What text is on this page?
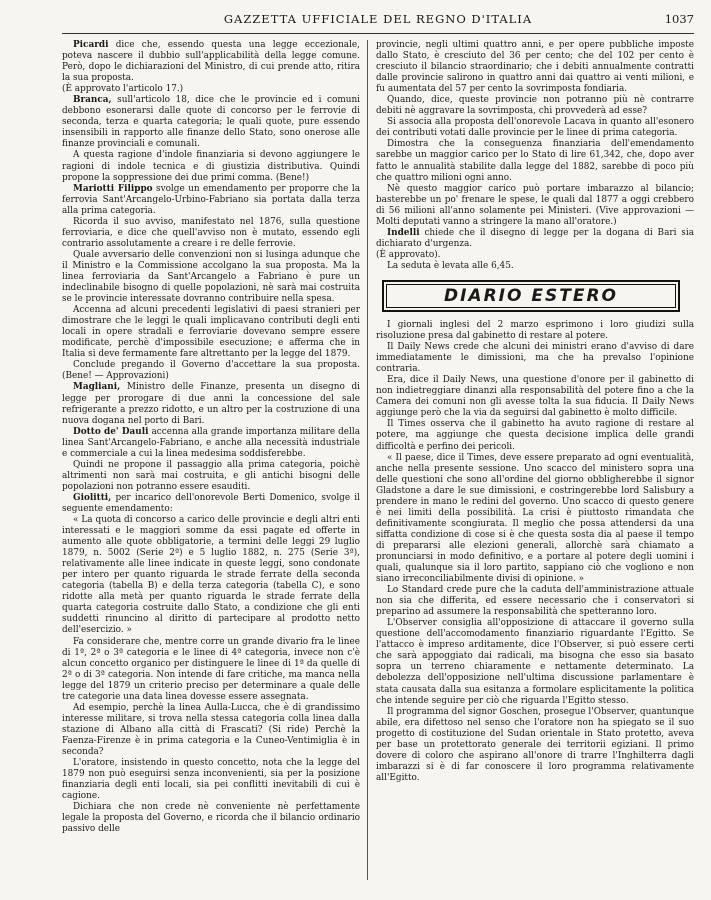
GAZZETTA UFFICIALE DEL REGNO D'ITALIA	1037

Picardi dice che, essendo questa una legge eccezionale, poteva nascere il dubbio sull'applicabilità della legge comune. Però, dopo le dichiarazioni del Ministro, di cui prende atto, ritira la sua proposta.

(È approvato l'articolo 17.)

Branca, sull'articolo 18, dice che le provincie ed i comuni debbono esonerarsi dalle quote di concorso per le ferrovie di seconda, terza e quarta categoria; le quali quote, pure essendo insensibili in rapporto alle finanze dello Stato, sono onerose alle finanze provinciali e comunali.

A questa ragione d'indole finanziaria si devono aggiungere le ragioni di indole tecnica e di giustizia distributiva. Quindi propone la soppressione dei due primi comma. (Bene!)

Mariotti Filippo svolge un emendamento per proporre che la ferrovia Sant'Arcangelo-Urbino-Fabriano sia portata dalla terza alla prima categoria.

Ricorda il suo avviso, manifestato nel 1876, sulla questione ferroviaria, e dice che quell'avviso non è mutato, essendo egli contrario assolutamente a creare i re delle ferrovie.

Quale avversario delle convenzioni non si lusinga adunque che il Ministro e la Commissione accolgano la sua proposta. Ma la linea ferroviaria da Sant'Arcangelo a Fabriano è pure un indeclinabile bisogno di quelle popolazioni, nè sarà mai costruita se le provincie interessate dovranno contribuire nella spesa.

Accenna ad alcuni precedenti legislativi di paesi stranieri per dimostrare che le leggi le quali implicavano contributi degli enti locali in opere stradali e ferroviarie dovevano sempre essere modificate, perchè d'impossibile esecuzione; e afferma che in Italia si deve fermamente fare altrettanto per la legge del 1879.

Conclude pregando il Governo d'accettare la sua proposta. (Bene! — Approvazioni)

Magliani, Ministro delle Finanze, presenta un disegno di legge per prorogare di due anni la concessione del sale refrigerante a prezzo ridotto, e un altro per la costruzione di una nuova dogana nel porto di Bari.

Dotto de' Dauli accenna alla grande importanza militare della linea Sant'Arcangelo-Fabriano, e anche alla necessità industriale e commerciale a cui la linea medesima soddisferebbe.

Quindi ne propone il passaggio alla prima categoria, poichè altrimenti non sarà mai costruita, e gli antichi bisogni delle popolazioni non potranno essere esauditi.

Giolitti, per incarico dell'onorevole Berti Domenico, svolge il seguente emendamento:

« La quota di concorso a carico delle provincie e degli altri enti interessati e le maggiori somme da essi pagate ed offerte in aumento alle quote obbligatorie, a termini delle leggi 29 luglio 1879, n. 5002 (Serie 2ª) e 5 luglio 1882, n. 275 (Serie 3ª), relativamente alle linee indicate in queste leggi, sono condonate per intero per quanto riguarda le strade ferrate della seconda categoria (tabella B) e della terza categoria (tabella C), e sono ridotte alla metà per quanto riguarda le strade ferrate della quarta categoria costruite dallo Stato, a condizione che gli enti suddetti rinuncino al diritto di partecipare al prodotto netto dell'esercizio. »

Fa considerare che, mentre corre un grande divario fra le linee di 1ª, 2ª o 3ª categoria e le linee di 4ª categoria, invece non c'è alcun concetto organico per distinguere le linee di 1ª da quelle di 2ª o di 3ª categoria. Non intende di fare critiche, ma manca nella legge del 1879 un criterio preciso per determinare a quale delle tre categorie una data linea dovesse essere assegnata.

Ad esempio, perchè la linea Aulla-Lucca, che è di grandissimo interesse militare, si trova nella stessa categoria colla linea dalla stazione di Albano alla città di Frascati? (Si ride) Perchè la Faenza-Firenze è in prima categoria e la Cuneo-Ventimiglia è in seconda?

L'oratore, insistendo in questo concetto, nota che la legge del 1879 non può eseguirsi senza inconvenienti, sia per la posizione finanziaria degli enti locali, sia pei conflitti inevitabili di cui è cagione.

Dichiara che non crede nè conveniente nè perfettamente legale la proposta del Governo, e ricorda che il bilancio ordinario passivo delle

provincie, negli ultimi quattro anni, e per opere pubbliche imposte dallo Stato, è cresciuto del 36 per cento; che del 102 per cento è cresciuto il bilancio straordinario; che i debiti annualmente contratti dalle provincie salirono in quattro anni dai quattro ai venti milioni, e fu aumentata del 57 per cento la sovrimposta fondiaria.

Quando, dice, queste provincie non potranno più nè contrarre debiti nè aggravare la sovrimposta, chi provvederà ad esse?

Si associa alla proposta dell'onorevole Lacava in quanto all'esonero dei contributi votati dalle provincie per le linee di prima categoria.

Dimostra che la conseguenza finanziaria dell'emendamento sarebbe un maggior carico per lo Stato di lire 61,342, che, dopo aver fatto le annualità stabilite dalla legge del 1882, sarebbe di poco più che quattro milioni ogni anno.

Nè questo maggior carico può portare imbarazzo al bilancio; basterebbe un po' frenare le spese, le quali dal 1877 a oggi crebbero di 56 milioni all'anno solamente pei Ministeri. (Vive approvazioni — Molti deputati vanno a stringere la mano all'oratore.)

Indelli chiede che il disegno di legge per la dogana di Bari sia dichiarato d'urgenza.

(È approvato).

La seduta è levata alle 6,45.

DIARIO ESTERO

I giornali inglesi del 2 marzo esprimono i loro giudizi sulla risoluzione presa dal gabinetto di restare al potere.

Il Daily News crede che alcuni dei ministri erano d'avviso di dare immediatamente le dimissioni, ma che ha prevalso l'opinione contraria.

Era, dice il Daily News, una questione d'onore per il gabinetto di non indietreggiare dinanzi alla responsabilità del potere fino a che la Camera dei comuni non gli avesse tolta la sua fiducia. Il Daily News aggiunge però che la via da seguirsi dal gabinetto è molto difficile.

Il Times osserva che il gabinetto ha avuto ragione di restare al potere, ma aggiunge che questa decisione implica delle grandi difficoltà e perfino dei pericoli.

« Il paese, dice il Times, deve essere preparato ad ogni eventualità, anche nella presente sessione. Uno scacco del ministero sopra una delle questioni che sono all'ordine del giorno obbligherebbe il signor Gladstone a dare le sue dimissioni, e costringerebbe lord Salisbury a prendere in mano le redini del governo. Uno scacco di questo genere è nei limiti della possibilità. La crisi è piuttosto rimandata che definitivamente scongiurata. Il meglio che possa attendersi da una siffatta condizione di cose si è che questa sosta dia al paese il tempo di prepararsi alle elezioni generali, allorchè sarà chiamato a pronunciarsi in modo definitivo, e a portare al potere degli uomini i quali, qualunque sia il loro partito, sappiano ciò che vogliono e non siano irreconciliabilmente divisi di opinione. »

Lo Standard crede pure che la caduta dell'amministrazione attuale non sia che differita, ed essere necessario che i conservatori si preparino ad assumere la responsabilità che spetteranno loro.

L'Observer consiglia all'opposizione di attaccare il governo sulla questione dell'accomodamento finanziario riguardante l'Egitto. Se l'attacco è impreso arditamente, dice l'Observer, si può essere certi che sarà appoggiato dai radicali, ma bisogna che esso sia basato sopra un terreno chiaramente e nettamente determinato. La debolezza dell'opposizione nell'ultima discussione parlamentare è stata causata dalla sua esitanza a formolare esplicitamente la politica che intende seguire per ciò che riguarda l'Egitto stesso.

Il programma del signor Goschen, prosegue l'Observer, quantunque abile, era difettoso nel senso che l'oratore non ha spiegato se il suo progetto di costituzione del Sudan orientale in Stato protetto, aveva per base un protettorato generale dei territorii egiziani. Il primo dovere di coloro che aspirano all'onore di trarre l'Inghilterra dagli imbarazzi si è di far conoscere il loro programma relativamente all'Egitto.
